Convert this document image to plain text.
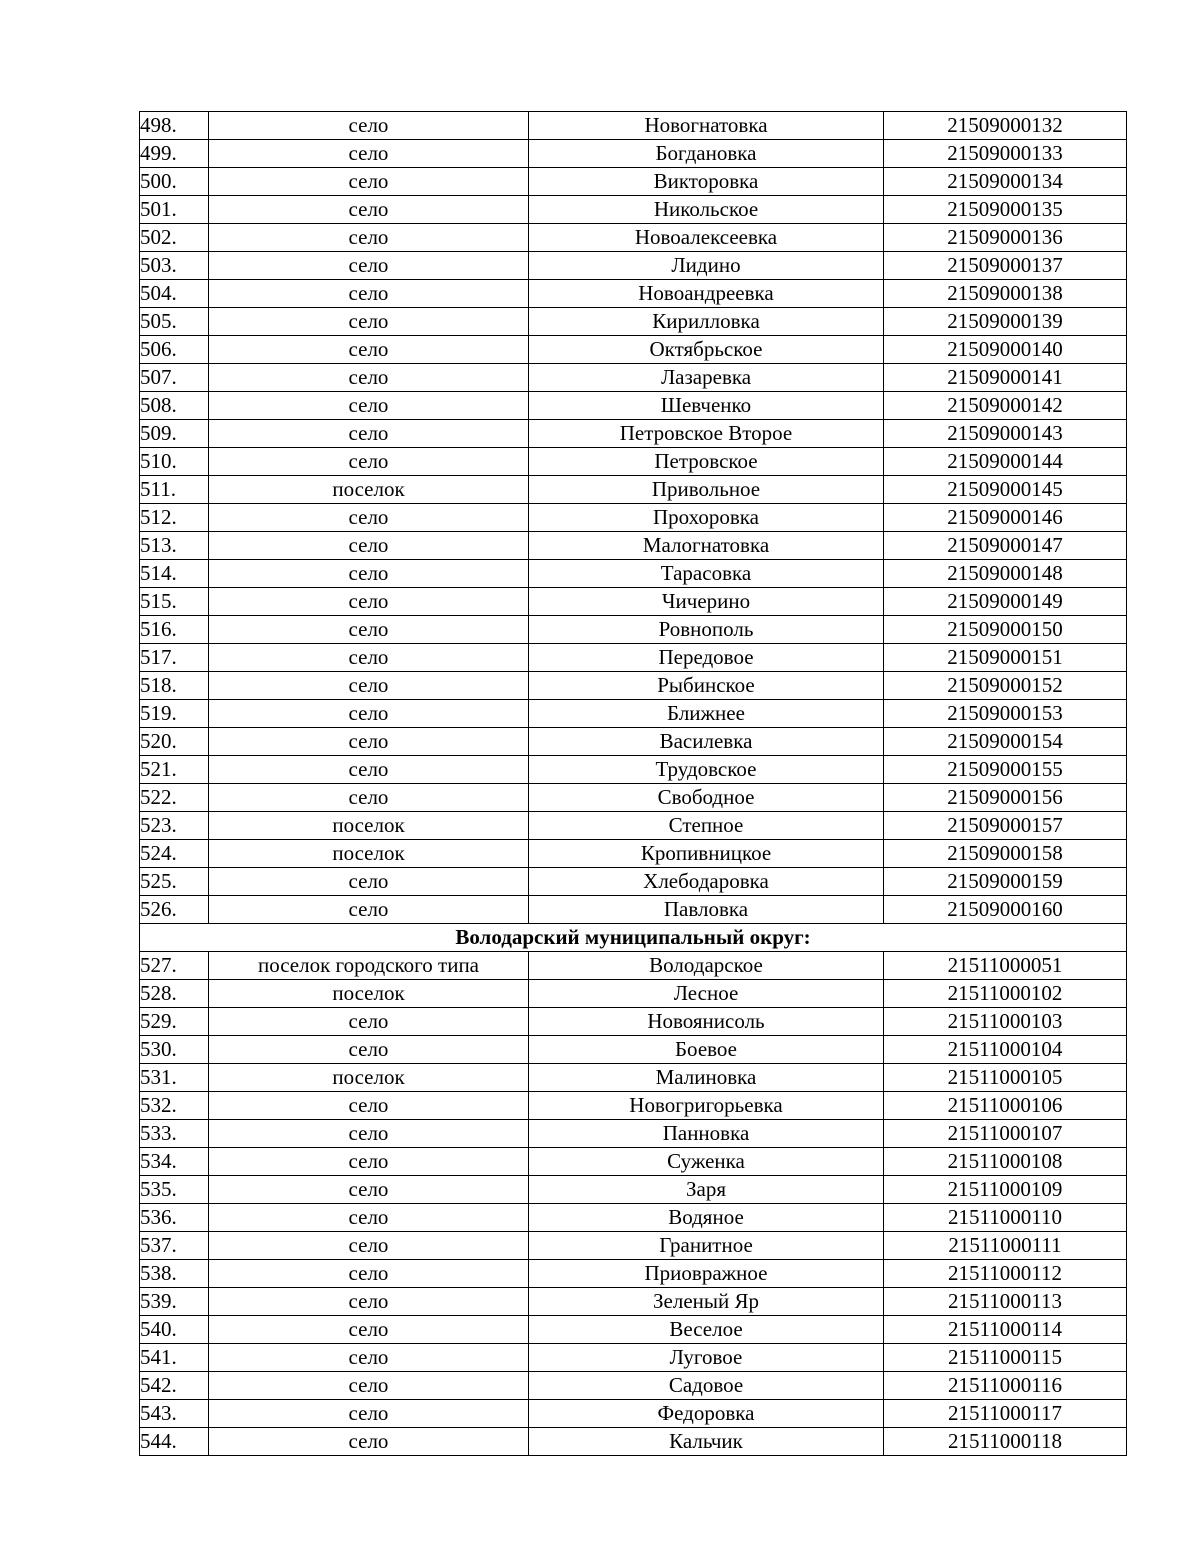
498.	село	Новогнатовка	21509000132
499.	село	Богдановка	21509000133
500.	село	Викторовка	21509000134
501.	село	Никольское	21509000135
502.	село	Новоалексеевка	21509000136
503.	село	Лидино	21509000137
504.	село	Новоандреевка	21509000138
505.	село	Кирилловка	21509000139
506.	село	Октябрьское	21509000140
507.	село	Лазаревка	21509000141
508.	село	Шевченко	21509000142
509.	село	Петровское Второе	21509000143
510.	село	Петровское	21509000144
511.	поселок	Привольное	21509000145
512.	село	Прохоровка	21509000146
513.	село	Малогнатовка	21509000147
514.	село	Тарасовка	21509000148
515.	село	Чичерино	21509000149
516.	село	Ровнополь	21509000150
517.	село	Передовое	21509000151
518.	село	Рыбинское	21509000152
519.	село	Ближнее	21509000153
520.	село	Василевка	21509000154
521.	село	Трудовское	21509000155
522.	село	Свободное	21509000156
523.	поселок	Степное	21509000157
524.	поселок	Кропивницкое	21509000158
525.	село	Хлебодаровка	21509000159
526.	село	Павловка	21509000160
Володарский муниципальный округ:			
527.	поселок городского типа	Володарское	21511000051
528.	поселок	Лесное	21511000102
529.	село	Новоянисоль	21511000103
530.	село	Боевое	21511000104
531.	поселок	Малиновка	21511000105
532.	село	Новогригорьевка	21511000106
533.	село	Панновка	21511000107
534.	село	Суженка	21511000108
535.	село	Заря	21511000109
536.	село	Водяное	21511000110
537.	село	Гранитное	21511000111
538.	село	Приовражное	21511000112
539.	село	Зеленый Яр	21511000113
540.	село	Веселое	21511000114
541.	село	Луговое	21511000115
542.	село	Садовое	21511000116
543.	село	Федоровка	21511000117
544.	село	Кальчик	21511000118
